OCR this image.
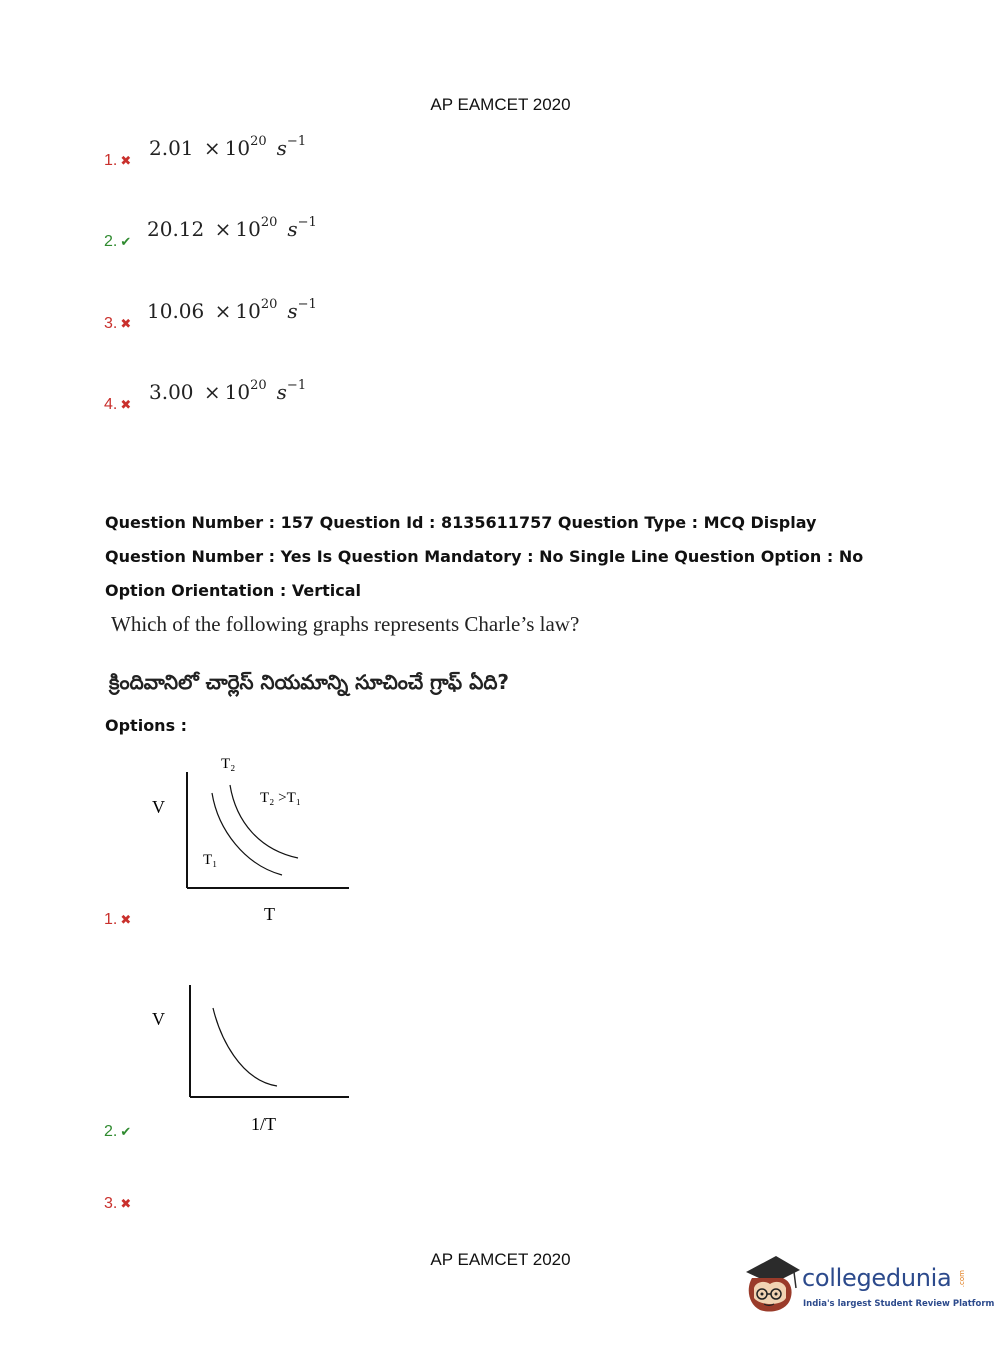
AP EAMCET 2020
1. ✖
$2.01 \times 10^{20}$ $s^{-1}$
2. ✔
$20.12 \times 10^{20}$ $s^{-1}$
3. ✖
$10.06 \times 10^{20}$ $s^{-1}$
4. ✖
$3.00 \times 10^{20}$ $s^{-1}$
Question Number : 157 Question Id : 8135611757 Question Type : MCQ Display Question Number : Yes Is Question Mandatory : No Single Line Question Option : No Option Orientation : Vertical
Which of the following graphs represents Charle’s law?
క్రిందివానిలో చార్లెస్ నియమాన్ని సూచించే గ్రాఫ్ ఏది?
Options :
V
T
T₂
T₁
T₂ >T₁
1. ✖
V
1/T
2. ✔
3. ✖
AP EAMCET 2020
collegedunia .com
India's largest Student Review Platform
